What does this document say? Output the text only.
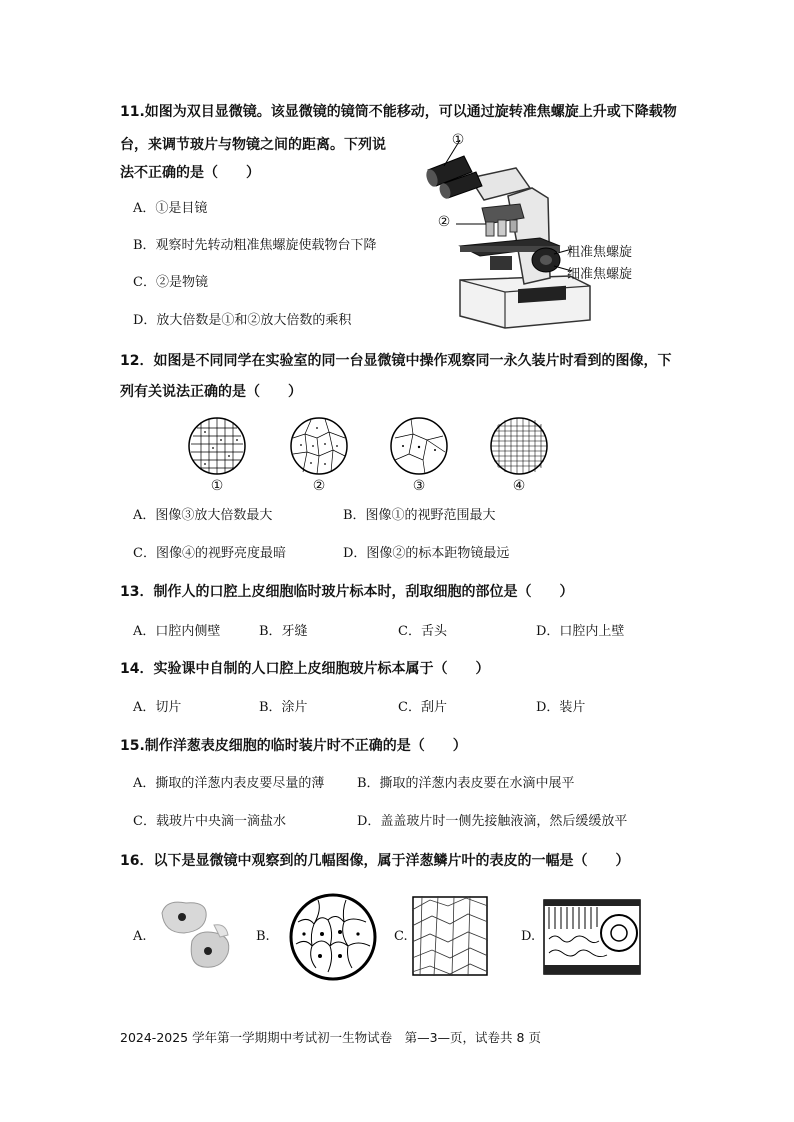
11.如图为双目显微镜。该显微镜的镜筒不能移动，可以通过旋转准焦螺旋上升或下降载物
台，来调节玻片与物镜之间的距离。下列说
法不正确的是（　　）
A．①是目镜
B．观察时先转动粗准焦螺旋使载物台下降
C．②是物镜
D．放大倍数是①和②放大倍数的乘积
①
②
粗准焦螺旋
细准焦螺旋
12．如图是不同同学在实验室的同一台显微镜中操作观察同一永久装片时看到的图像，下
列有关说法正确的是（　　）
①	②	③	④
A．图像③放大倍数最大	B．图像①的视野范围最大
C．图像④的视野亮度最暗	D．图像②的标本距物镜最远
13．制作人的口腔上皮细胞临时玻片标本时，刮取细胞的部位是（　　）
A．口腔内侧壁	B．牙缝	C．舌头	D．口腔内上壁
14．实验课中自制的人口腔上皮细胞玻片标本属于（　　）
A．切片	B．涂片	C．刮片	D．装片
15.制作洋葱表皮细胞的临时装片时不正确的是（　　）
A．撕取的洋葱内表皮要尽量的薄	B．撕取的洋葱内表皮要在水滴中展平
C．载玻片中央滴一滴盐水	D．盖盖玻片时一侧先接触液滴，然后缓缓放平
16．以下是显微镜中观察到的几幅图像，属于洋葱鳞片叶的表皮的一幅是（　　）
A.	B.	C.	D.
2024-2025 学年第一学期期中考试初一生物试卷　第—3—页，试卷共 8 页
